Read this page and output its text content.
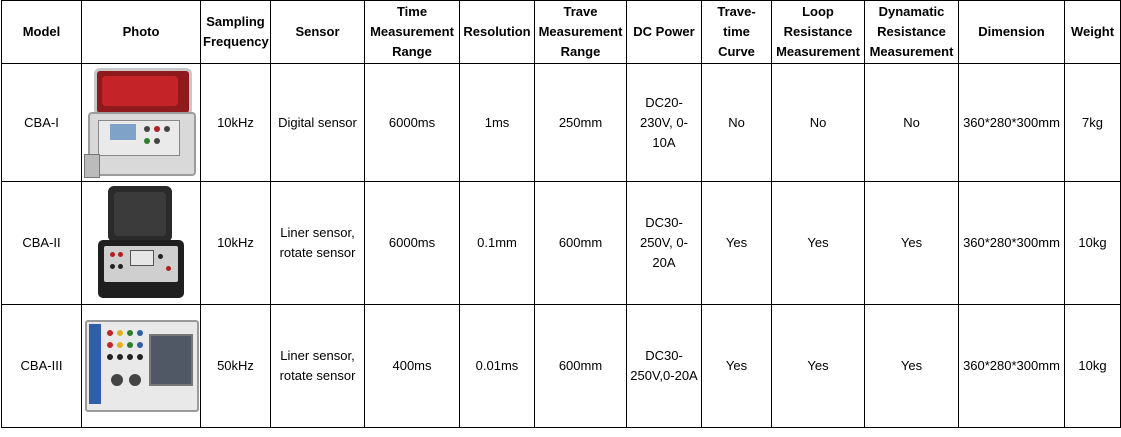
Model	Photo	Sampling Frequency	Sensor	Time Measurement Range	Resolution	Trave Measurement Range	DC Power	Trave-time Curve	Loop Resistance Measurement	Dynamatic Resistance Measurement	Dimension	Weight
CBA-I		10kHz	Digital sensor	6000ms	1ms	250mm	DC20-230V, 0-10A	No	No	No	360*280*300mm	7kg
CBA-II		10kHz	Liner sensor, rotate sensor	6000ms	0.1mm	600mm	DC30-250V, 0-20A	Yes	Yes	Yes	360*280*300mm	10kg
CBA-III		50kHz	Liner sensor, rotate sensor	400ms	0.01ms	600mm	DC30-250V,0-20A	Yes	Yes	Yes	360*280*300mm	10kg
